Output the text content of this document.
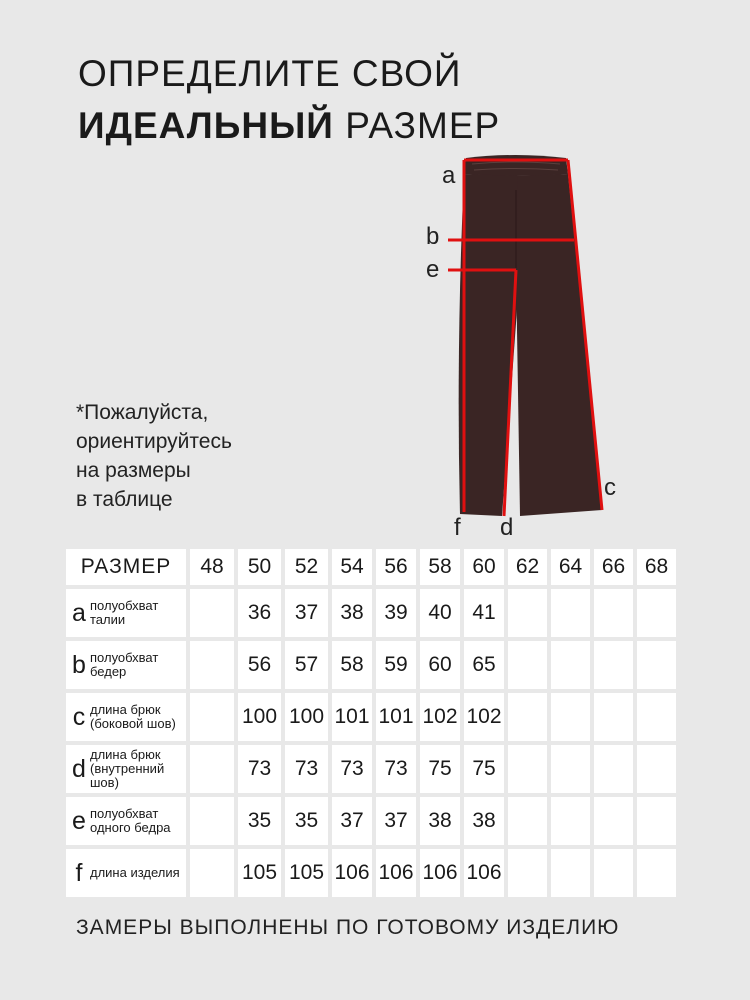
ОПРЕДЕЛИТЕ СВОЙ
ИДЕАЛЬНЫЙ РАЗМЕР
*Пожалуйста,
ориентируйтесь
на размеры
в таблице
a
b
e
c
f d
РАЗМЕР	48	50	52	54	56	58	60	62	64	66	68
a полуобхват талии		36	37	38	39	40	41				
b полуобхват бедер		56	57	58	59	60	65				
c длина брюк (боковой шов)		100	100	101	101	102	102				
d длина брюк (внутренний шов)		73	73	73	73	75	75				
e полуобхват одного бедра		35	35	37	37	38	38				
f длина изделия		105	105	106	106	106	106				
ЗАМЕРЫ ВЫПОЛНЕНЫ ПО ГОТОВОМУ ИЗДЕЛИЮ
